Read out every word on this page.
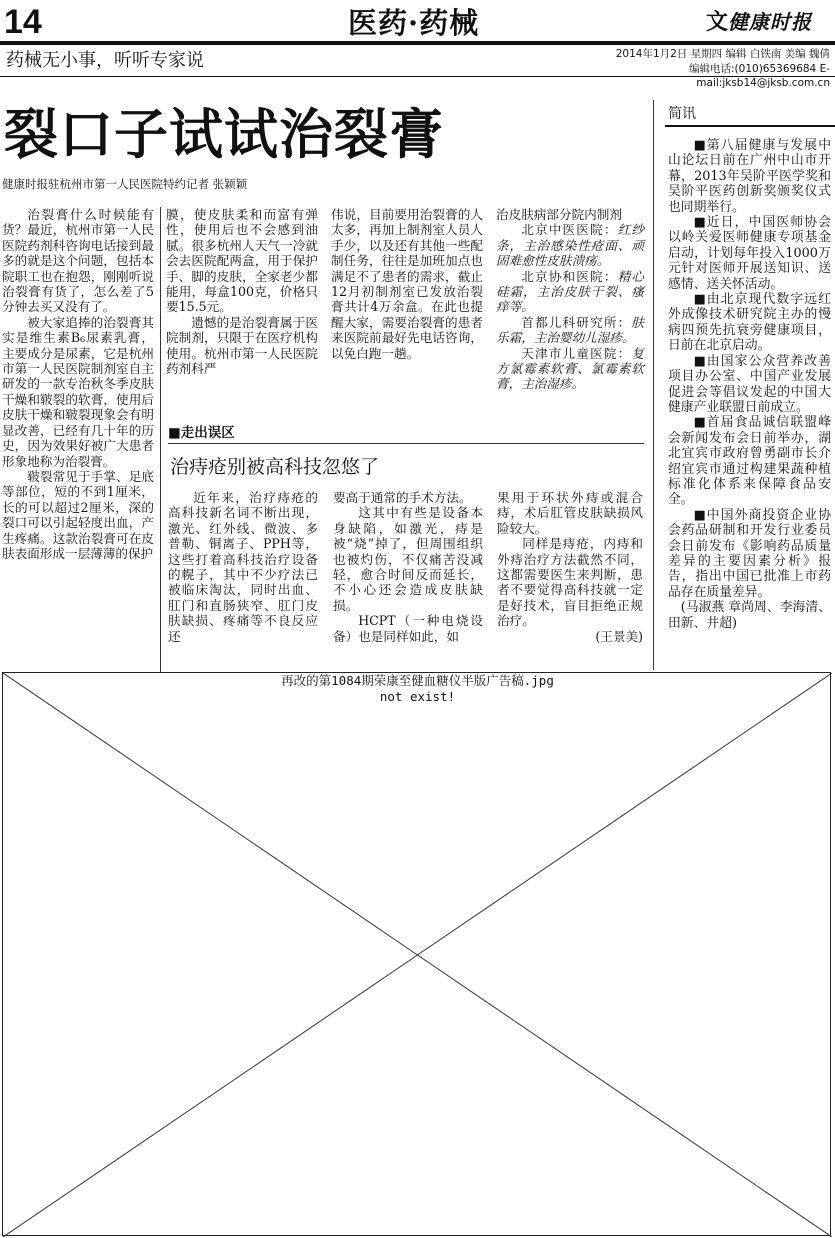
14	医药·药械	文 健康时报
药械无小事，听听专家说	2014年1月2日 星期四 编辑 白铁南 美编 魏倩
编辑电话:(010)65369684 E-mail:jksb14@jksb.com.cn
裂口子试试治裂膏
健康时报驻杭州市第一人民医院特约记者 张颖颖

治裂膏什么时候能有货？最近，杭州市第一人民医院药剂科咨询电话接到最多的就是这个问题，包括本院职工也在抱怨，刚刚听说治裂膏有货了，怎么差了5分钟去买又没有了。

被大家追捧的治裂膏其实是维生素B₆尿素乳膏，主要成分是尿素，它是杭州市第一人民医院制剂室自主研发的一款专治秋冬季皮肤干燥和皲裂的软膏，使用后皮肤干燥和皲裂现象会有明显改善，已经有几十年的历史，因为效果好被广大患者形象地称为治裂膏。

皲裂常见于手掌、足底等部位，短的不到1厘米，长的可以超过2厘米，深的裂口可以引起轻度出血，产生疼痛。这款治裂膏可在皮肤表面形成一层薄薄的保护

膜，使皮肤柔和而富有弹性，使用后也不会感到油腻。很多杭州人天气一冷就会去医院配两盒，用于保护手、脚的皮肤，全家老少都能用，每盒100克，价格只要15.5元。

遗憾的是治裂膏属于医院制剂，只限于在医疗机构使用。杭州市第一人民医院药剂科严

伟说，目前要用治裂膏的人太多，再加上制剂室人员人手少，以及还有其他一些配制任务，往往是加班加点也满足不了患者的需求，截止12月初制剂室已发放治裂膏共计4万余盒。在此也提醒大家，需要治裂膏的患者来医院前最好先电话咨询，以免白跑一趟。

治皮肤病部分院内制剂

北京中医医院：红纱条，主治感染性疮面、顽固难愈性皮肤溃疡。

北京协和医院：精心硅霜，主治皮肤干裂、瘙痒等。

首都儿科研究所：肤乐霜，主治婴幼儿湿疹。

天津市儿童医院：复方氯霉素软膏、氯霉素软膏，主治湿疹。

■走出误区
治痔疮别被高科技忽悠了

近年来，治疗痔疮的高科技新名词不断出现，激光、红外线、微波、多普勒、铜离子、PPH等，这些打着高科技治疗设备的幌子，其中不少疗法已被临床淘汰，同时出血、肛门和直肠狭窄、肛门皮肤缺损、疼痛等不良反应还

要高于通常的手术方法。

这其中有些是设备本身缺陷，如激光，痔是被“烧”掉了，但周围组织也被灼伤，不仅痛苦没减轻，愈合时间反而延长，不小心还会造成皮肤缺损。

HCPT（一种电烧设备）也是同样如此，如

果用于环状外痔或混合痔，术后肛管皮肤缺损风险较大。

同样是痔疮，内痔和外痔治疗方法截然不同，这都需要医生来判断，患者不要觉得高科技就一定是好技术，盲目拒绝正规治疗。

(王景美)
简讯

■第八届健康与发展中山论坛日前在广州中山市开幕，2013年吴阶平医学奖和吴阶平医药创新奖颁奖仪式也同期举行。

■近日，中国医师协会以岭关爱医师健康专项基金启动，计划每年投入1000万元针对医师开展送知识、送感情、送关怀活动。

■由北京现代数字远红外成像技术研究院主办的慢病四预先抗衰旁健康项目，日前在北京启动。

■由国家公众营养改善项目办公室、中国产业发展促进会等倡议发起的中国大健康产业联盟日前成立。

■首届食品诚信联盟峰会新闻发布会日前举办，湖北宜宾市政府曾勇副市长介绍宜宾市通过构建果蔬种植标准化体系来保障食品安全。

■中国外商投资企业协会药品研制和开发行业委员会日前发布《影响药品质量差异的主要因素分析》报告，指出中国已批准上市药品存在质量差异。

(马淑燕 章尚周、李海清、田新、井超)

再改的第1084期荣康至健血糖仪半版广告稿.jpg
not exist!
